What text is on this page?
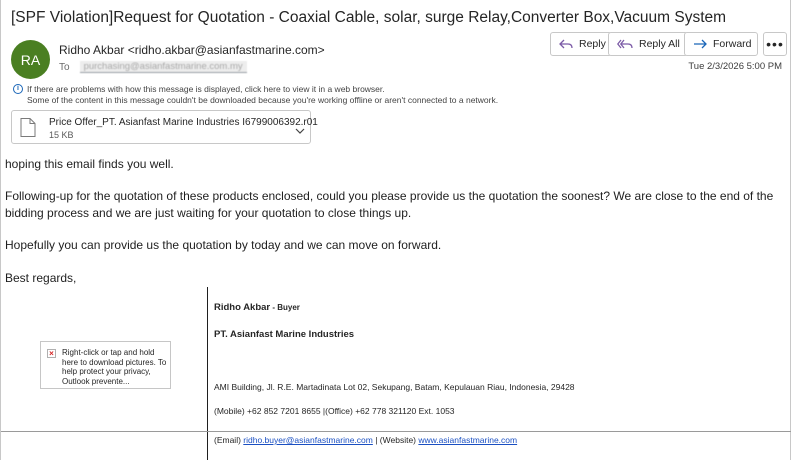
[SPF Violation]Request for Quotation - Coaxial Cable, solar, surge Relay,Converter Box,Vacuum System
RA
Ridho Akbar <ridho.akbar@asianfastmarine.com>
To	purchasing@asianfastmarine.com.my
Reply	Reply All	Forward •••
Tue 2/3/2026 5:00 PM
i If there are problems with how this message is displayed, click here to view it in a web browser.
Some of the content in this message couldn't be downloaded because you're working offline or aren't connected to a network.
Price Offer_PT. Asianfast Marine Industries I6799006392.r01
15 KB
hoping this email finds you well.
Following-up for the quotation of these products enclosed, could you please provide us the quotation the soonest? We are close to the end of the bidding process and we are just waiting for your quotation to close things up.
Hopefully you can provide us the quotation by today and we can move on forward.
Best regards,
× Right-click or tap and hold here to download pictures. To help protect your privacy, Outlook prevente...
Ridho Akbar - Buyer
PT. Asianfast Marine Industries
AMI Building, Jl. R.E. Martadinata Lot 02, Sekupang, Batam, Kepulauan Riau, Indonesia, 29428
(Mobile) +62 852 7201 8655 |(Office) +62 778 321120 Ext. 1053
(Email) ridho.buyer@asianfastmarine.com | (Website) www.asianfastmarine.com
